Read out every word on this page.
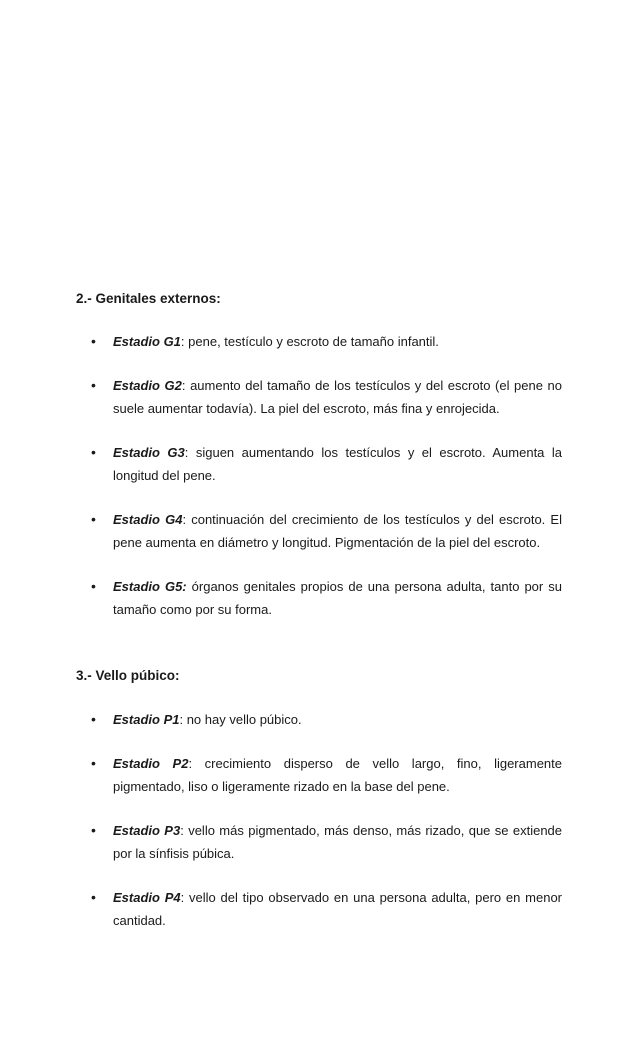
2.- Genitales externos:
• Estadio G1: pene, testículo y escroto de tamaño infantil.
• Estadio G2: aumento del tamaño de los testículos y del escroto (el pene no suele aumentar todavía). La piel del escroto, más fina y enrojecida.
• Estadio G3: siguen aumentando los testículos y el escroto. Aumenta la longitud del pene.
• Estadio G4: continuación del crecimiento de los testículos y del escroto. El pene aumenta en diámetro y longitud. Pigmentación de la piel del escroto.
• Estadio G5: órganos genitales propios de una persona adulta, tanto por su tamaño como por su forma.
3.- Vello púbico:
• Estadio P1: no hay vello púbico.
• Estadio P2: crecimiento disperso de vello largo, fino, ligeramente pigmentado, liso o ligeramente rizado en la base del pene.
• Estadio P3: vello más pigmentado, más denso, más rizado, que se extiende por la sínfisis púbica.
• Estadio P4: vello del tipo observado en una persona adulta, pero en menor cantidad.
